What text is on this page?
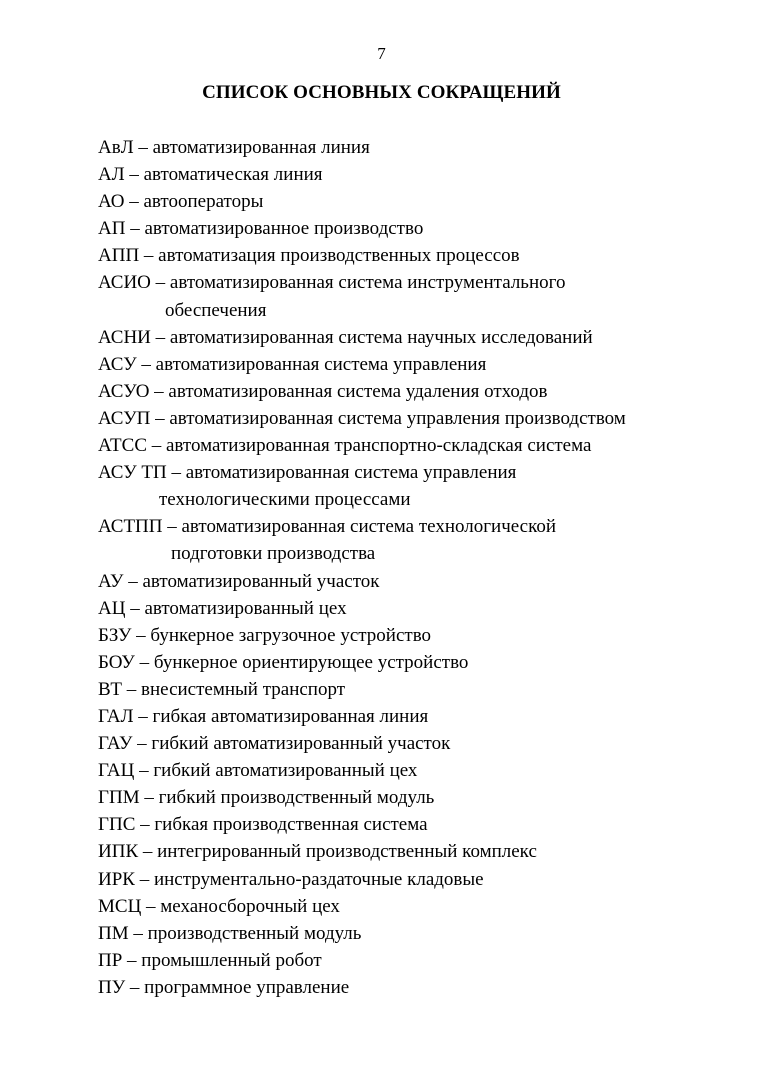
7
СПИСОК ОСНОВНЫХ СОКРАЩЕНИЙ
АвЛ – автоматизированная линия
АЛ – автоматическая линия
АО – автооператоры
АП – автоматизированное производство
АПП – автоматизация производственных процессов
АСИО – автоматизированная система инструментального
обеспечения
АСНИ – автоматизированная система научных исследований
АСУ – автоматизированная система управления
АСУО – автоматизированная система удаления отходов
АСУП – автоматизированная система управления производством
АТСС – автоматизированная транспортно-складская система
АСУ ТП – автоматизированная система управления
технологическими процессами
АСТПП – автоматизированная система технологической
подготовки производства
АУ – автоматизированный участок
АЦ – автоматизированный цех
БЗУ – бункерное загрузочное устройство
БОУ – бункерное ориентирующее устройство
ВТ – внесистемный транспорт
ГАЛ – гибкая автоматизированная линия
ГАУ – гибкий автоматизированный участок
ГАЦ – гибкий автоматизированный цех
ГПМ – гибкий производственный модуль
ГПС – гибкая производственная система
ИПК – интегрированный производственный комплекс
ИРК – инструментально-раздаточные кладовые
МСЦ – механосборочный цех
ПМ – производственный модуль
ПР – промышленный робот
ПУ – программное управление
